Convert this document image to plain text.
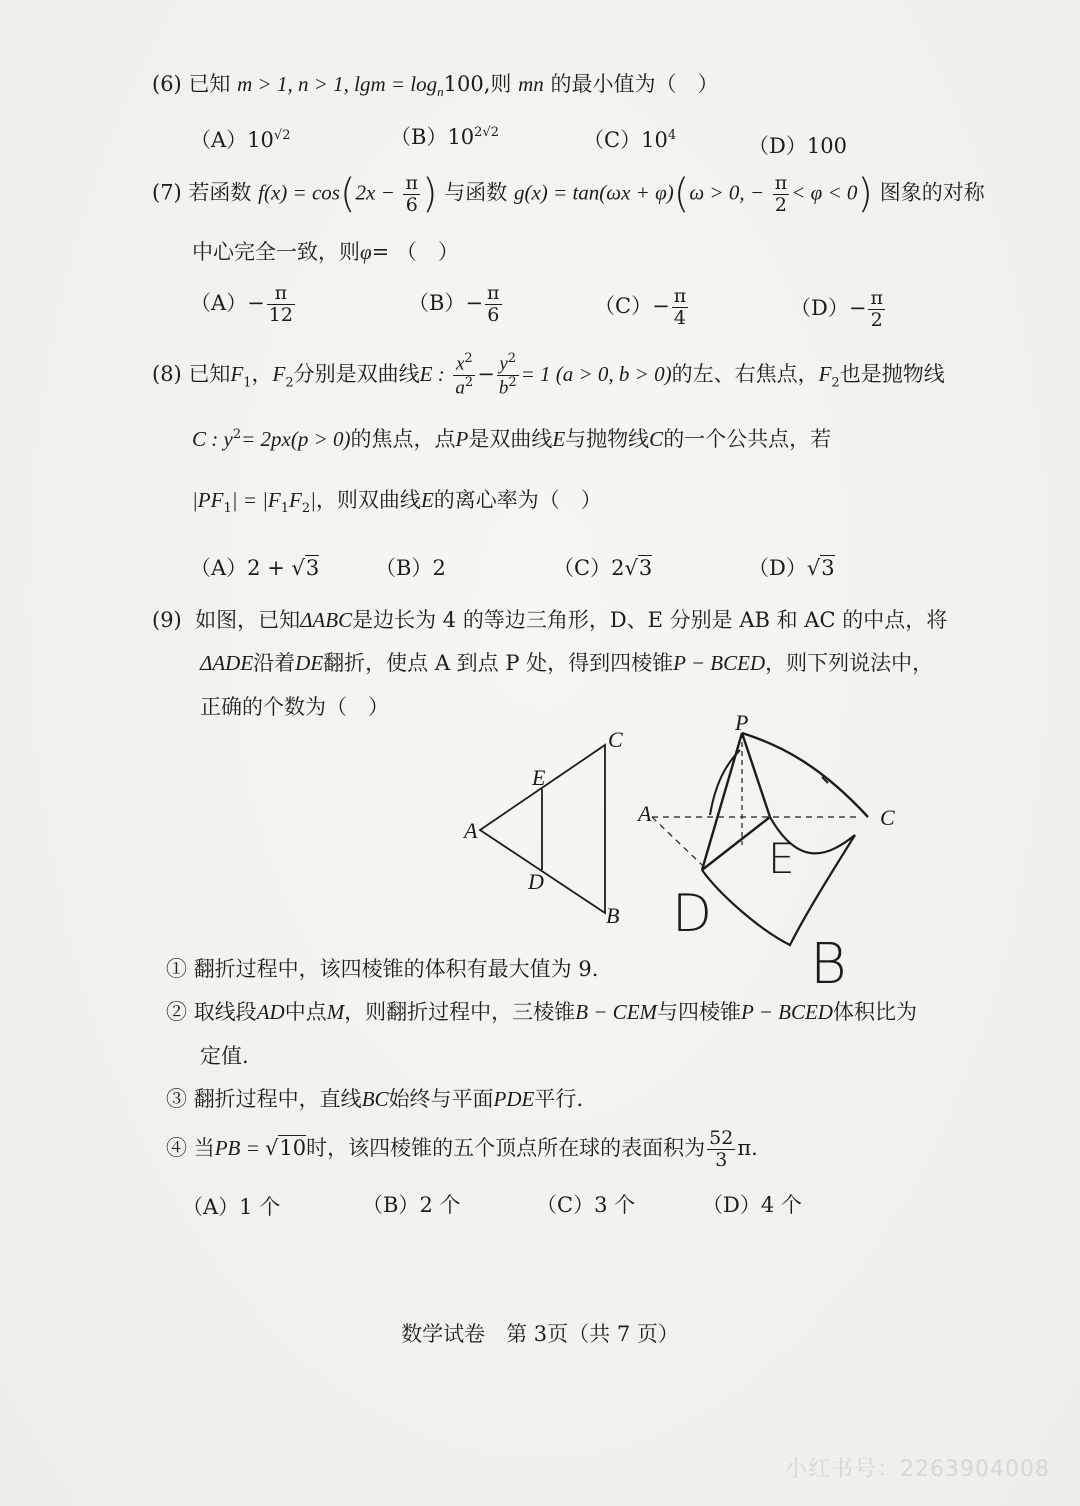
(6) 已知 m > 1, n > 1, $\lg m = \log_n100$,则 mn 的最小值为（　）
$(A)10^{√2}$	$(B)10^{2√2}$	$(C)10^4$	（D）100
(7) 若函数 $f(x) = \cos(2x - \frac{\pi}{6}$ ) 与函数 g(x) = tan(ωx + φ)(ω > 0, − $\frac{\pi}{2} < \varphi < 0$) 图象的对称
中心完全一致，则φ= （　）
$(A)- \frac{\pi}{12}$	$(B)- \frac{\pi}{6}$	$(C)- \frac{\pi}{4}$	$(D)- \frac{\pi}{2}$
(8) 已知$F_1$，$F_2$分别是双曲线E : $\frac{x^2}{a^2} - \frac{y^2}{b^2} = 1$ (a > 0, b > 0)的左、右焦点，$F_2$也是抛物线
C : $y^2= 2px(p > 0)$的焦点，点P是双曲线E与抛物线C的一个公共点，若
$|PF_1| = |F_1F_2|$，则双曲线E的离心率为（　）
（A）2 + √3	（B）2	（C）2√3	（D）√3
(9) 如图，已知ΔABC是边长为 4 的等边三角形，D、E 分别是 AB 和 AC 的中点，将
ΔADE沿着DE翻折，使点 A 到点 P 处，得到四棱锥P − BCED，则下列说法中，
正确的个数为（　）
A
C
E
D
B
P
A	C
E
D
B
① 翻折过程中，该四棱锥的体积有最大值为 9.
② 取线段AD中点M，则翻折过程中，三棱锥B − CEM与四棱锥P − BCED体积比为
定值.
③ 翻折过程中，直线BC始终与平面PDE平行.
④ 当PB = √10时，该四棱锥的五个顶点所在球的表面积为 $\frac{52}{3} \pi$.
（A）1 个	（B）2 个	（C）3 个	（D）4 个
数学试卷　第 3页（共 7 页）
小红书号：2263904008
